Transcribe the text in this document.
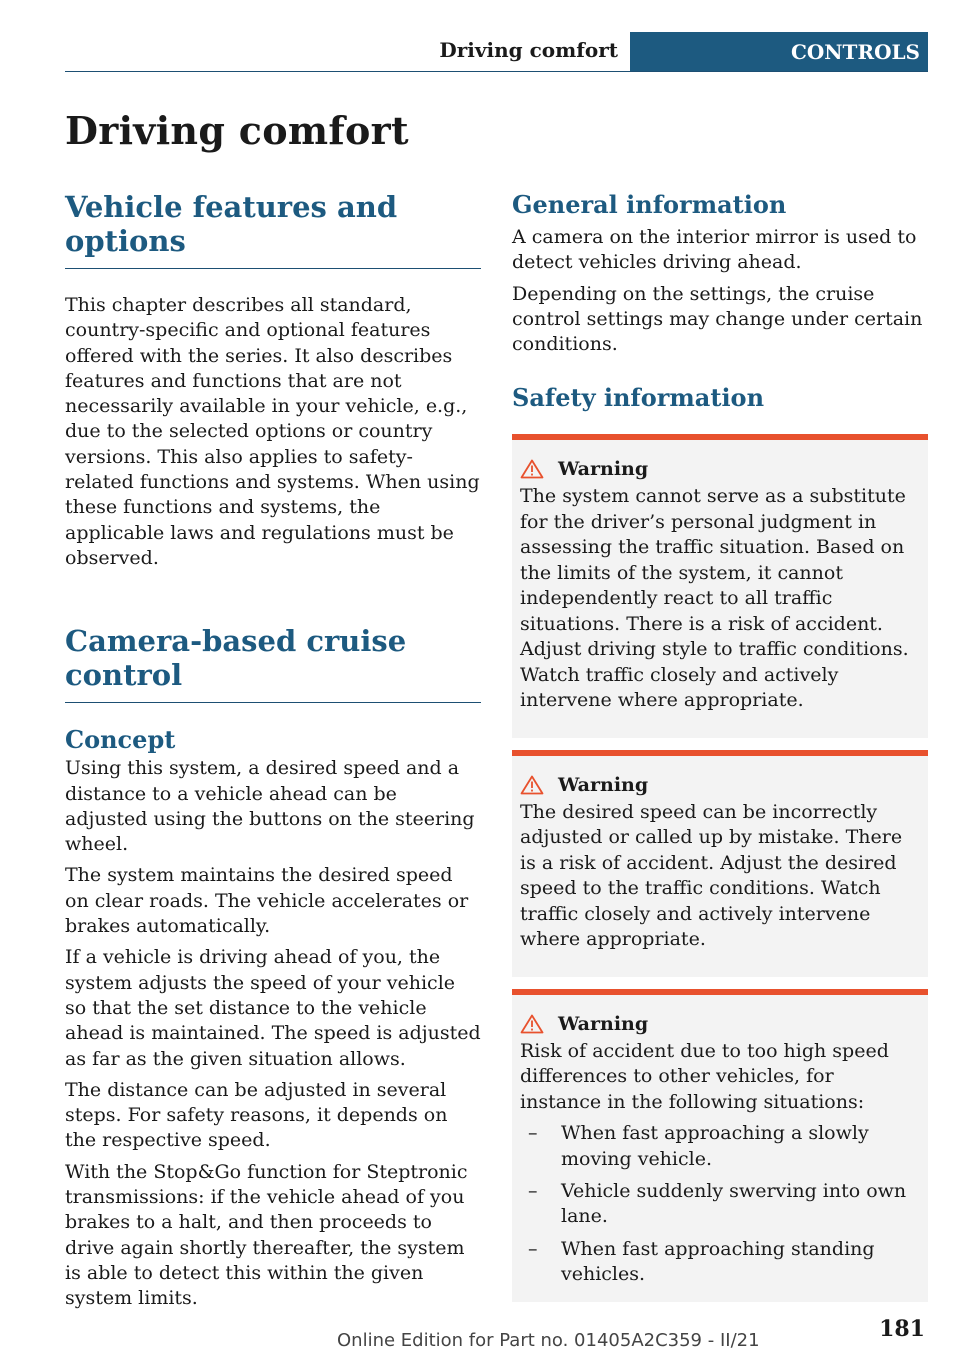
Driving comfort	CONTROLS
Driving comfort
Vehicle features and options

This chapter describes all standard, country-specific and optional features offered with the series. It also describes features and functions that are not necessarily available in your vehicle, e.g., due to the selected options or country versions. This also applies to safety-related functions and systems. When using these functions and systems, the applicable laws and regulations must be observed.

Camera-based cruise control
Concept

Using this system, a desired speed and a distance to a vehicle ahead can be adjusted using the buttons on the steering wheel.

The system maintains the desired speed on clear roads. The vehicle accelerates or brakes automatically.

If a vehicle is driving ahead of you, the system adjusts the speed of your vehicle so that the set distance to the vehicle ahead is maintained. The speed is adjusted as far as the given situation allows.

The distance can be adjusted in several steps. For safety reasons, it depends on the respective speed.

With the Stop&Go function for Steptronic transmissions: if the vehicle ahead of you brakes to a halt, and then proceeds to drive again shortly thereafter, the system is able to detect this within the given system limits.

General information

A camera on the interior mirror is used to detect vehicles driving ahead.

Depending on the settings, the cruise control settings may change under certain conditions.

Safety information
Warning

The system cannot serve as a substitute for the driver’s personal judgment in assessing the traffic situation. Based on the limits of the system, it cannot independently react to all traffic situations. There is a risk of accident. Adjust driving style to traffic conditions. Watch traffic closely and actively intervene where appropriate.

Warning

The desired speed can be incorrectly adjusted or called up by mistake. There is a risk of accident. Adjust the desired speed to the traffic conditions. Watch traffic closely and actively intervene where appropriate.

Warning

Risk of accident due to too high speed differences to other vehicles, for instance in the following situations:

– When fast approaching a slowly moving vehicle.
– Vehicle suddenly swerving into own lane.
– When fast approaching standing vehicles.
Online Edition for Part no. 01405A2C359 - II/21	181
